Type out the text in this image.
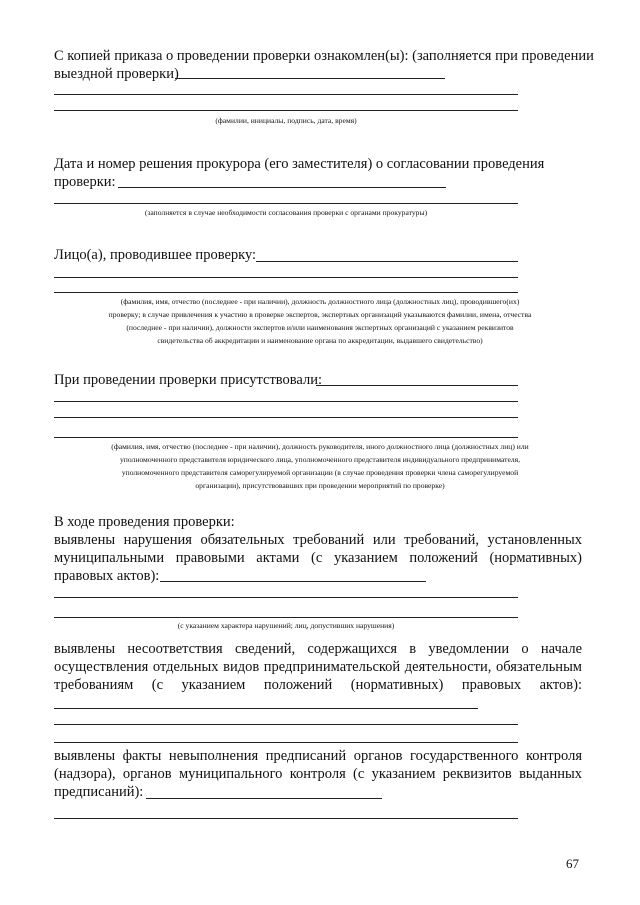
С копией приказа о проведении проверки ознакомлен(ы): (заполняется при проведении
выездной проверки)
(фамилии, инициалы, подпись, дата, время)
Дата и номер решения прокурора (его заместителя) о согласовании проведения
проверки:
(заполняется в случае необходимости согласования проверки с органами прокуратуры)
Лицо(а), проводившее проверку:
(фамилия, имя, отчество (последнее - при наличии), должность должностного лица (должностных лиц), проводившего(их)
проверку; в случае привлечения к участию в проверке экспертов, экспертных организаций указываются фамилии, имена, отчества
(последнее - при наличии), должности экспертов и/или наименования экспертных организаций с указанием реквизитов
свидетельства об аккредитации и наименование органа по аккредитации, выдавшего свидетельство)
При проведении проверки присутствовали:
(фамилия, имя, отчество (последнее - при наличии), должность руководителя, иного должностного лица (должностных лиц) или
уполномоченного представителя юридического лица, уполномоченного представителя индивидуального предпринимателя,
уполномоченного представителя саморегулируемой организации (в случае проведения проверки члена саморегулируемой
организации), присутствовавших при проведении мероприятий по проверке)
В ходе проведения проверки:
выявлены нарушения обязательных требований или требований, установленных
муниципальными правовыми актами (с указанием положений (нормативных)
правовых актов):
(с указанием характера нарушений; лиц, допустивших нарушения)
выявлены несоответствия сведений, содержащихся в уведомлении о начале
осуществления отдельных видов предпринимательской деятельности, обязательным
требованиям (с указанием положений (нормативных) правовых актов):
выявлены факты невыполнения предписаний органов государственного контроля
(надзора), органов муниципального контроля (с указанием реквизитов выданных
предписаний):
67
